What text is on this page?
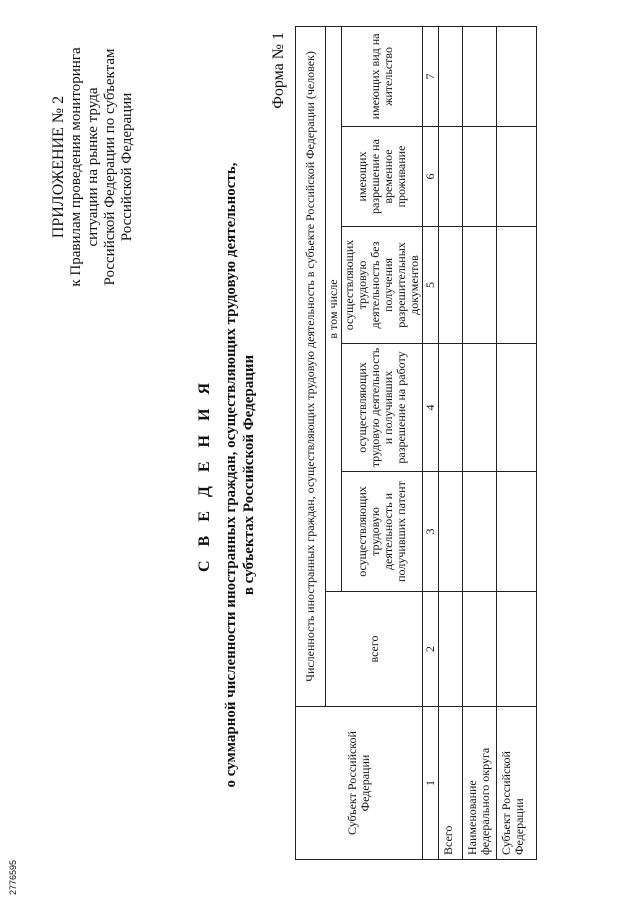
2776595
ПРИЛОЖЕНИЕ № 2 к Правилам проведения мониторинга ситуации на рынке труда Российской Федерации по субъектам Российской Федерации
С В Е Д Е Н И Я о суммарной численности иностранных граждан, осуществляющих трудовую деятельность, в субъектах Российской Федерации
Форма № 1
Субъект Российской Федерации	Численность иностранных граждан, осуществляющих трудовую деятельность в субъекте Российской Федерации (человек)					
	всего	в том числе				
		осуществляющих трудовую деятельность и получивших патент	осуществляющих трудовую деятельность и получивших разрешение на работу	осуществляющих трудовую деятельность без получения разрешительных документов	имеющих разрешение на временное проживание	имеющих вид на жительство
1	2	3	4	5	6	7
Всего						
Наименование федерального округа						
Субъект Российской Федерации						
